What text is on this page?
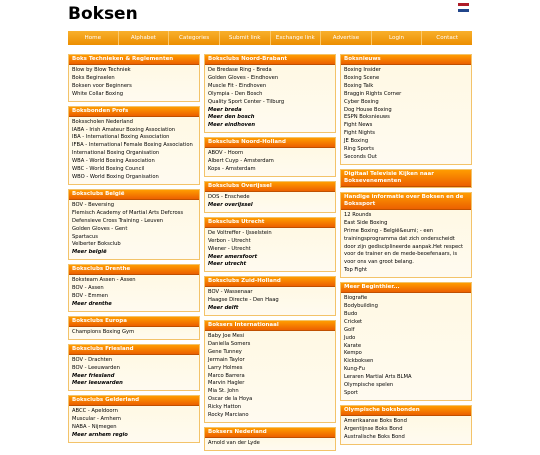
Boksen
Home	Alphabet	Categories	Submit link	Exchange link	Advertise	Login	Contact
Boks Technieken & Reglementen
Blow by Blow Techniek
Boks Beginselen
Boksen voor Beginners
White Collar Boxing
Boksbonden Profs
Boksscholen Nederland
IABA - Irish Amateur Boxing Association
IBA - International Boxing Association
IFBA - International Female Boxing Association
International Boxing Organisation
WBA - World Boxing Association
WBC - World Boxing Council
WBO - World Boxing Organisation
Boksclubs België
BOV - Beversing
Flemisch Academy of Martial Arts Defcross
Defensieve Cross Training - Leuven
Golden Gloves - Gent
Spartacus
Velberter Boksclub
Meer belgië
Boksclubs Drenthe
Boksteam Assen - Assen
BOV - Assen
BOV - Emmen
Meer drenthe
Boksclubs Europa
Champions Boxing Gym
Boksclubs Friesland
BOV - Drachten
BOV - Leeuwarden
Meer friesland
Meer leeuwarden
Boksclubs Gelderland
ABCC - Apeldoorn
Muscular - Arnhem
NABA - Nijmegen
Meer arnhem regio
Boksclubs Noord-Brabant
De Bredase Ring - Breda
Golden Gloves - Eindhoven
Muscle Fit - Eindhoven
Olympia - Den Bosch
Quality Sport Center - Tilburg
Meer breda
Meer den bosch
Meer eindhoven
Boksclubs Noord-Holland
ABOV - Hoorn
Albert Cuyp - Amsterdam
Kops - Amsterdam
Boksclubs Overijssel
DOS - Enschede
Meer overijssel
Boksclubs Utrecht
De Voltreffer - IJsselstein
Verbon - Utrecht
Wiener - Utrecht
Meer amersfoort
Meer utrecht
Boksclubs Zuid-Holland
BOV - Wassenaar
Haagse Directe - Den Haag
Meer delft
Boksers Internationaal
Baby Joe Mesi
Daniella Somers
Gene Tunney
Jermain Taylor
Larry Holmes
Marco Barrera
Marvin Hagler
Mia St. John
Oscar de la Hoya
Ricky Hatton
Rocky Marciano
Boksers Nederland
Arnold van der Lyde
Boksnieuws
Boxing Insider
Boxing Scene
Boxing Talk
Braggin Rights Corner
Cyber Boxing
Dog House Boxing
ESPN Boksnieuws
Fight News
Fight Nights
JE Boxing
Ring Sports
Seconds Out
Digitaal Televisie Kijken naar Boksevenementen
Handige informatie over Boksen en de Bokssport
12 Rounds
East Side Boxing

Prime Boxing - België&eumi; - een trainingsprogramma dat zich onderscheidt door zijn gedisciplineerde aanpak.Het respect voor de trainer en de mede-beoefenaars, is voor ons van groot belang.

Top Fight
Meer Beginthier...
Biografie
Bodybuilding
Budo
Cricket
Golf
Judo
Karate
Kempo
Kickboksen
Kung-Fu
Leraren Martial Arts BLMA
Olympische spelen
Sport
Olympische boksbonden
Amerikaanse Boks Bond
Argentijnse Boks Bond
Australische Boks Bond
